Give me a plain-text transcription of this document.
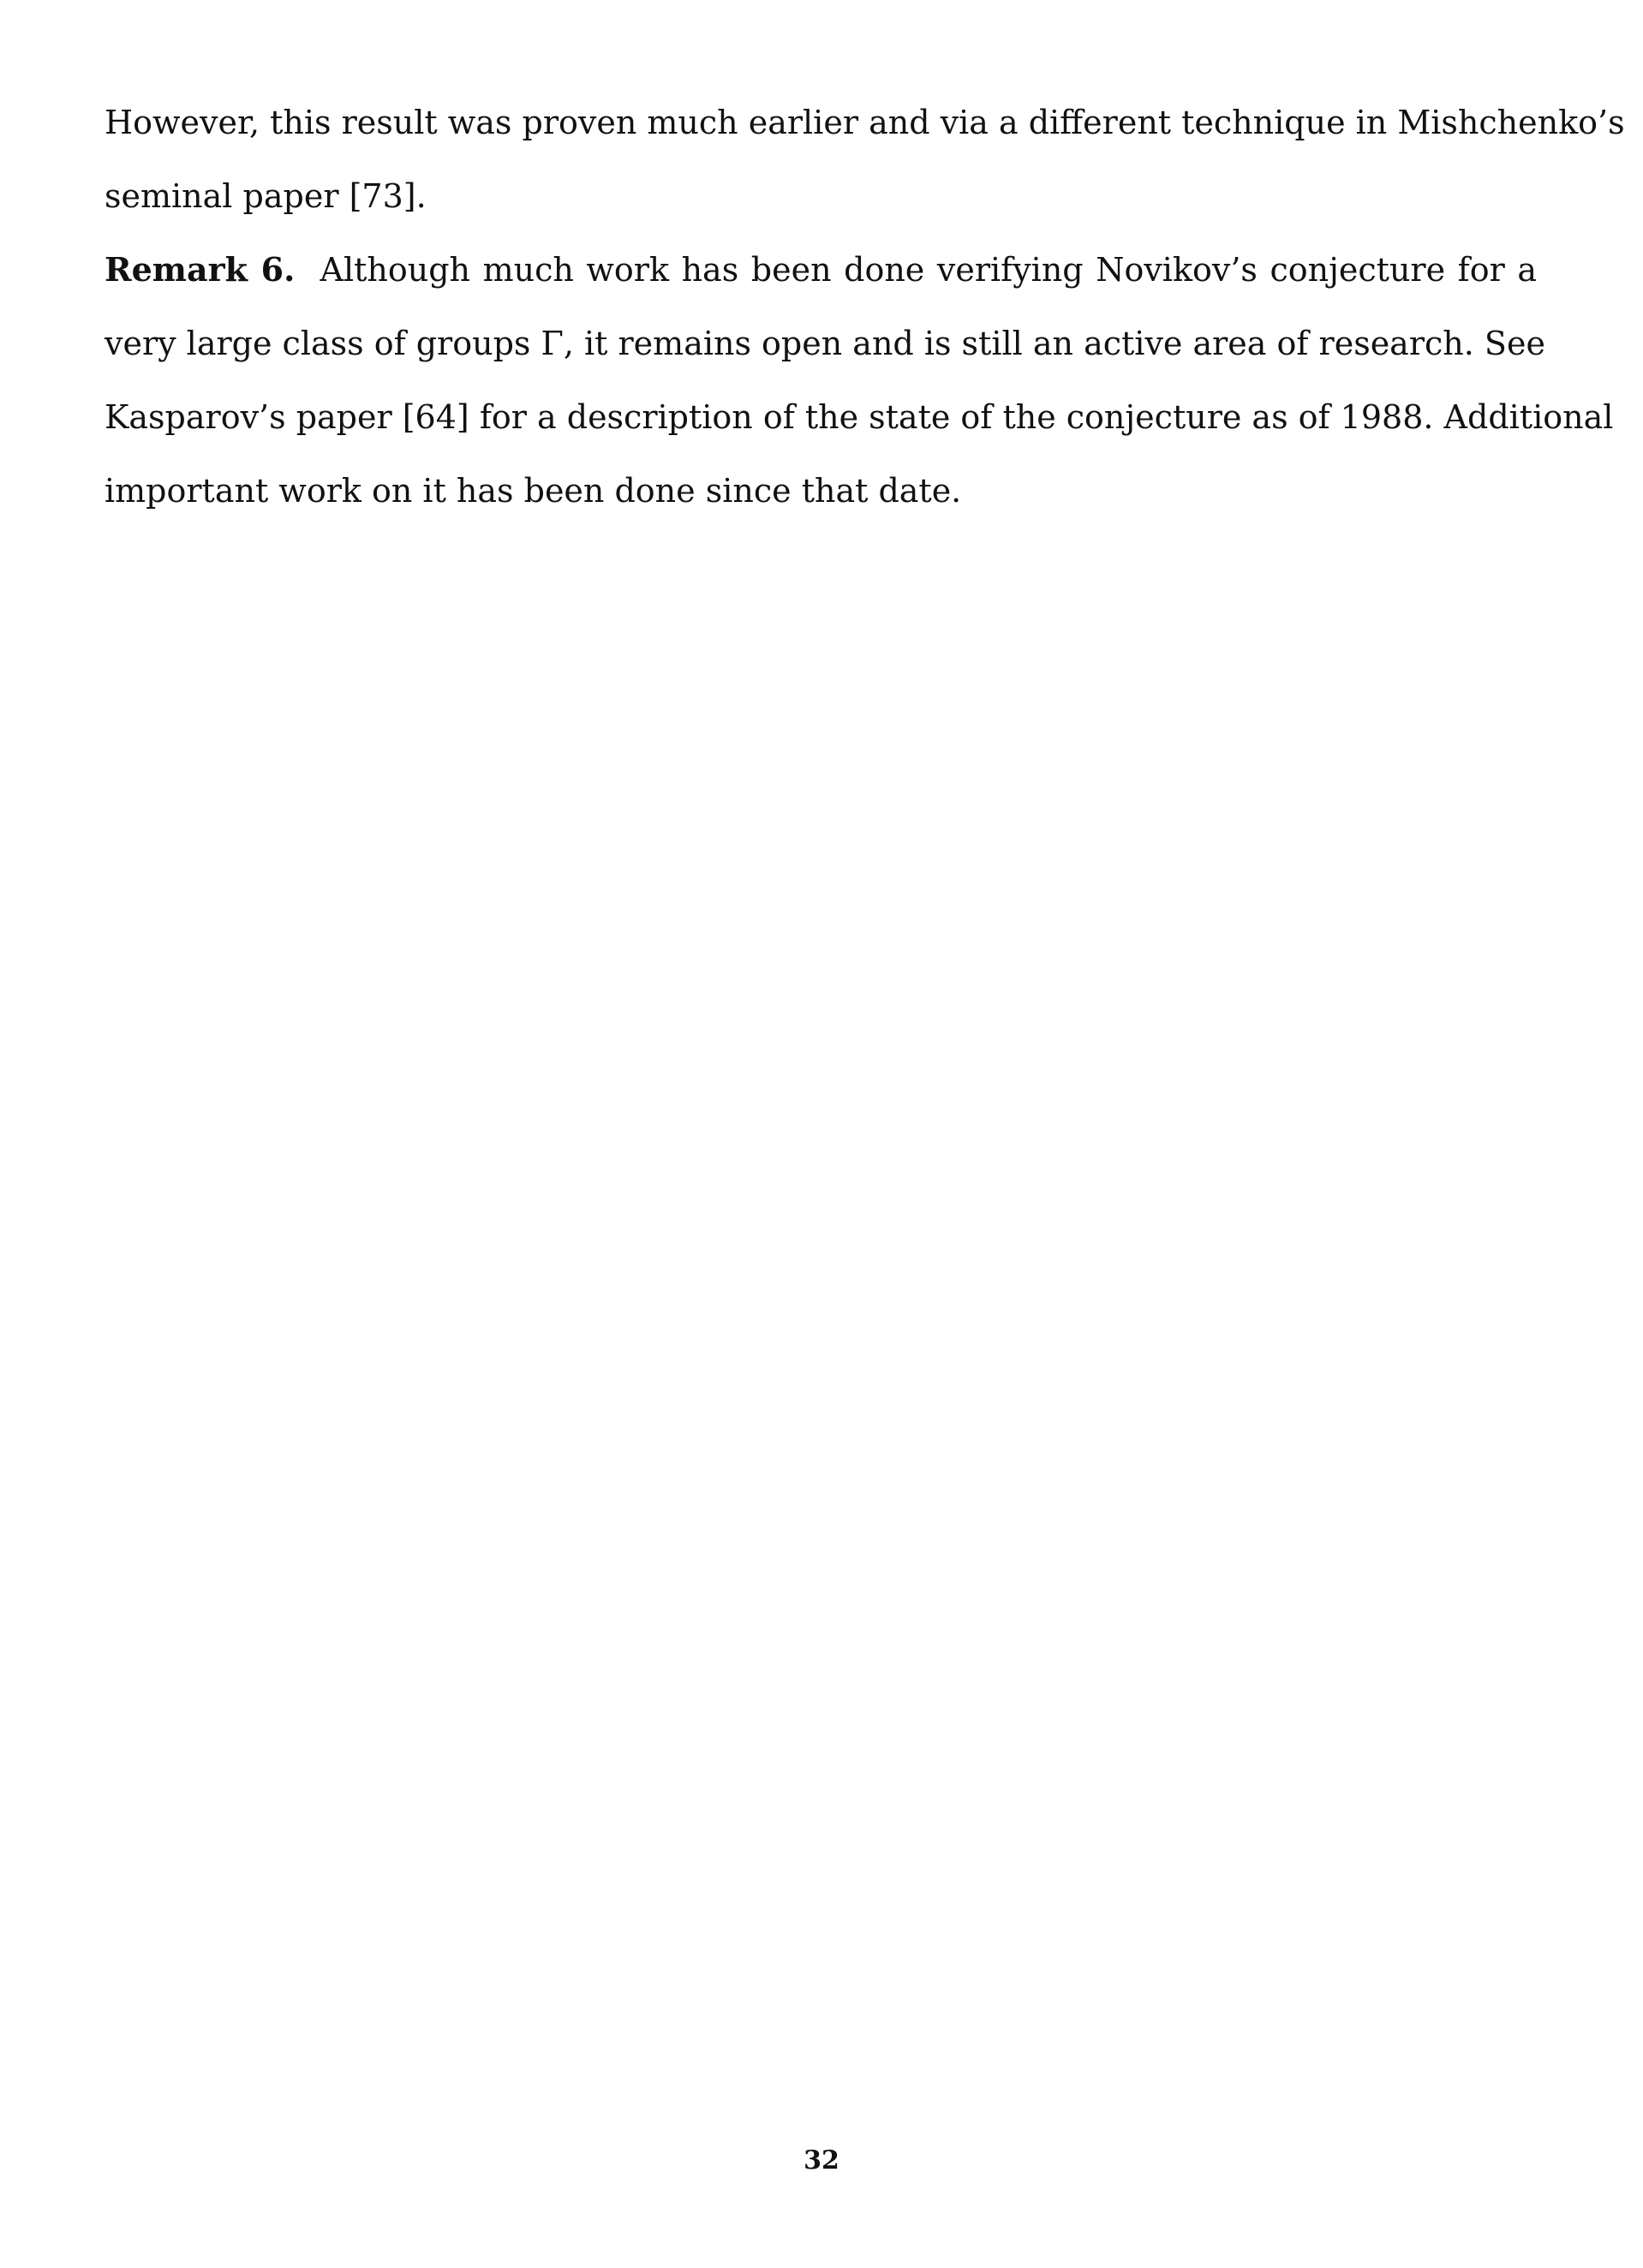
However, this result was proven much earlier and via a different technique in Mishchenko’s
seminal paper [73].
Remark 6. Although much work has been done verifying Novikov’s conjecture for a
very large class of groups Γ, it remains open and is still an active area of research. See
Kasparov’s paper [64] for a description of the state of the conjecture as of 1988. Additional
important work on it has been done since that date.
32
